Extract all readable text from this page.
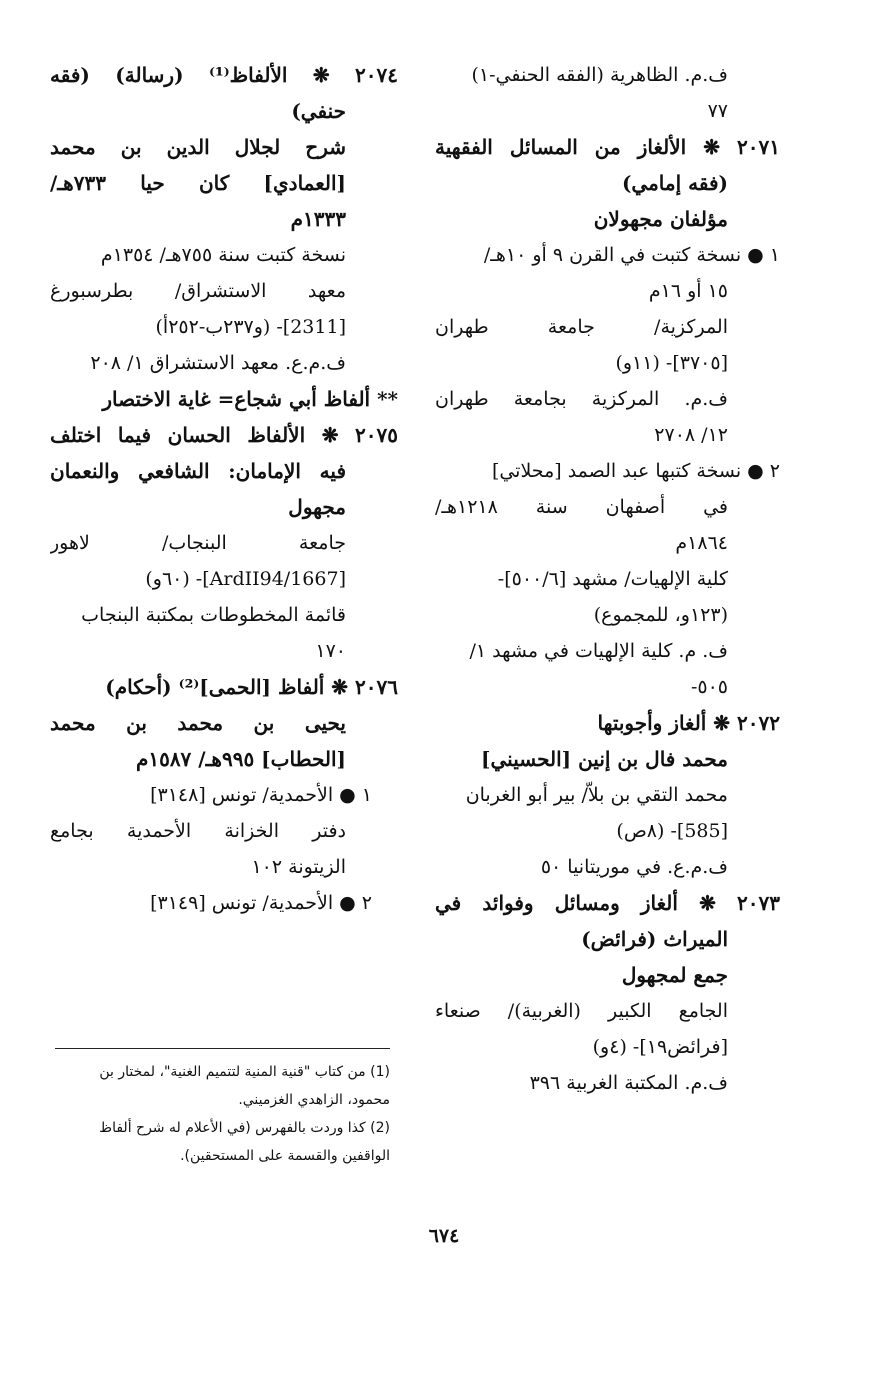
ف.م. الظاهرية (الفقه الحنفي-١)
٧٧
٢٠٧١ ❋ الألغاز من المسائل الفقهية
(فقه إمامي)
مؤلفان مجهولان
١ ● نسخة كتبت في القرن ٩ أو ١٠هـ/
١٥ أو ١٦م
المركزية/ جامعة طهران
[٣٧٠٥]- (١١و)
ف.م. المركزية بجامعة طهران
١٢/ ٢٧٠٨
٢ ● نسخة كتبها عبد الصمد [محلاتي]
في أصفهان سنة ١٢١٨هـ/
١٨٦٤م
كلية الإلهيات/ مشهد [٥٠٠/٦]-
(١٢٣و، للمجموع)
ف. م. كلية الإلهيات في مشهد ١/
٥٠٥-
٢٠٧٢ ❋ ألغاز وأجوبتها
محمد فال بن إنين [الحسيني]
محمد التقي بن بلاّ/ بير أبو الغربان
[585]- (٨ص)
ف.م.ع. في موريتانيا ٥٠
٢٠٧٣ ❋ ألغاز ومسائل وفوائد في
الميراث (فرائض)
جمع لمجهول
الجامع الكبير (الغربية)/ صنعاء
[فرائض١٩]- (٤و)
ف.م. المكتبة الغربية ٣٩٦
٢٠٧٤ ❋ الألفاظ⁽¹⁾ (رسالة) (فقه
حنفي)
شرح لجلال الدين بن محمد
[العمادي] كان حيا ٧٣٣هـ/
١٣٣٣م
نسخة كتبت سنة ٧٥٥هـ/ ١٣٥٤م
معهد الاستشراق/ بطرسبورغ
[2311]- (و٢٣٧ب-٢٥٢أ)
ف.م.ع. معهد الاستشراق ١/ ٢٠٨
** ألفاظ أبي شجاع= غاية الاختصار
٢٠٧٥ ❋ الألفاظ الحسان فيما اختلف
فيه الإمامان: الشافعي والنعمان
مجهول
جامعة البنجاب/ لاهور
[ArdII94/1667]- (٦٠و)
قائمة المخطوطات بمكتبة البنجاب
١٧٠
٢٠٧٦ ❋ ألفاظ [الحمى]⁽²⁾ (أحكام)
يحيى بن محمد بن محمد
[الحطاب] ٩٩٥هـ/ ١٥٨٧م
١ ● الأحمدية/ تونس [٣١٤٨]
دفتر الخزانة الأحمدية بجامع
الزيتونة ١٠٢
٢ ● الأحمدية/ تونس [٣١٤٩]
(1) من كتاب "قنية المنية لتتميم الغنية"، لمختار بن
محمود، الزاهدي الغزميني.
(2) كذا وردت بالفهرس (في الأعلام له شرح ألفاظ
الواقفين والقسمة على المستحقين).
٦٧٤
